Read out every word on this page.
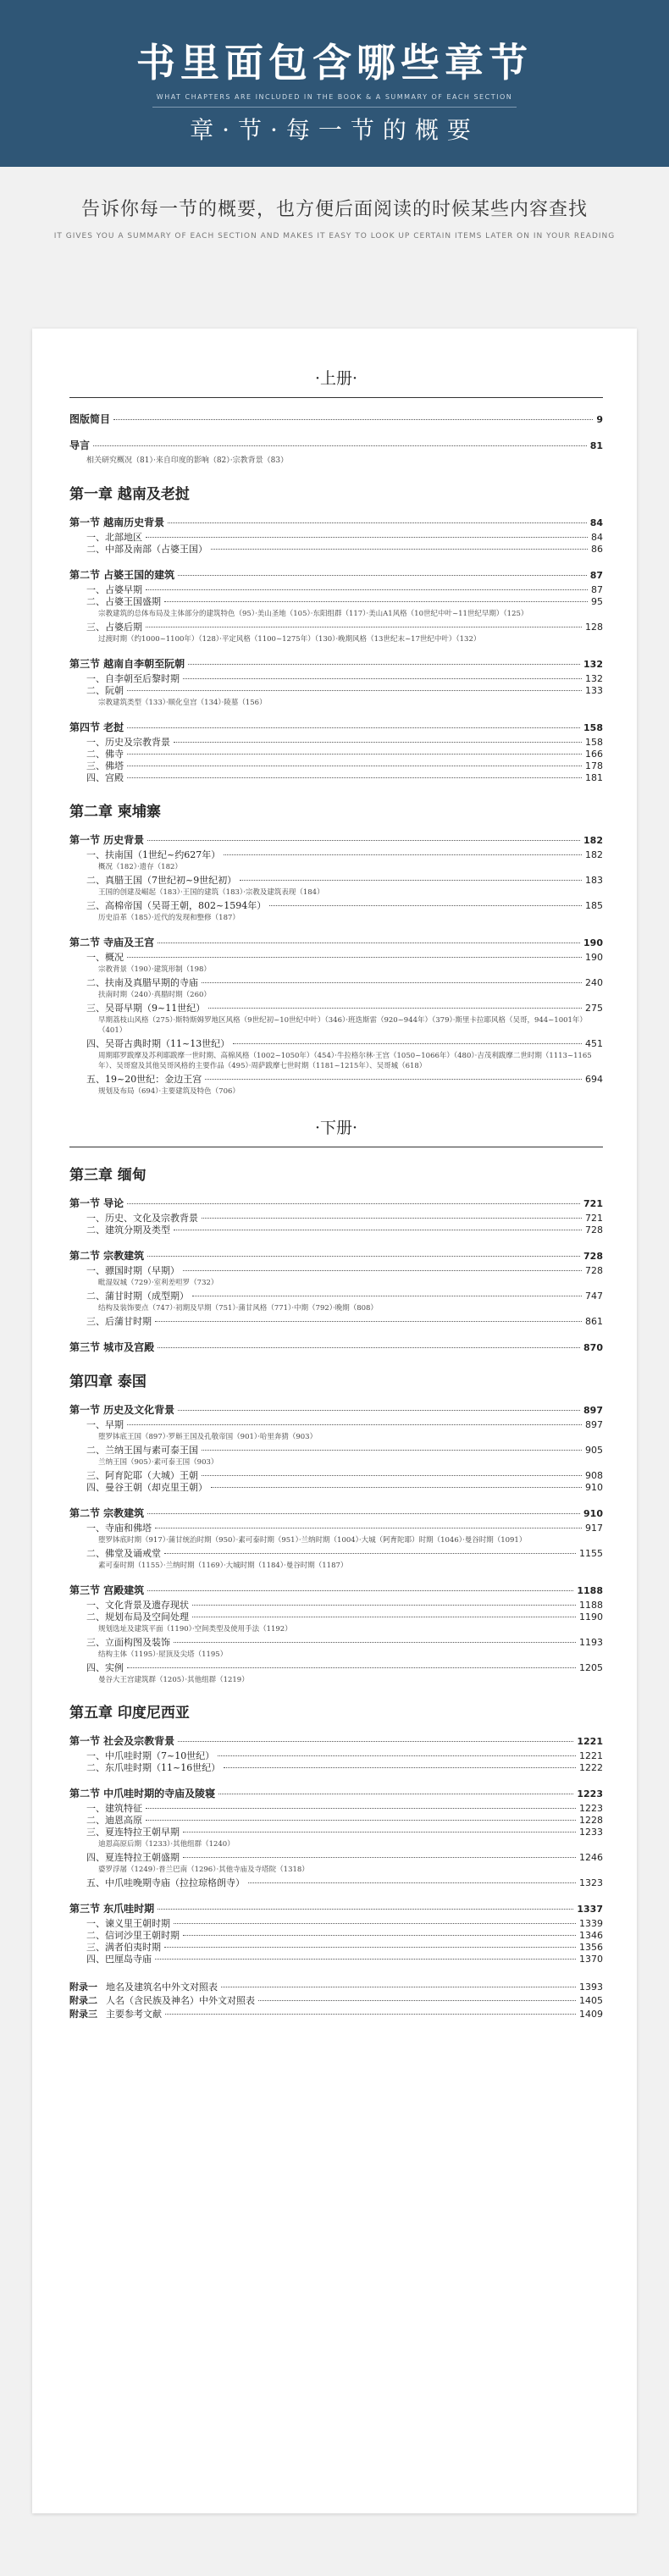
书里面包含哪些章节
WHAT CHAPTERS ARE INCLUDED IN THE BOOK & A SUMMARY OF EACH SECTION
章·节·每一节的概要
告诉你每一节的概要，也方便后面阅读的时候某些内容查找
IT GIVES YOU A SUMMARY OF EACH SECTION AND MAKES IT EASY TO LOOK UP CERTAIN ITEMS LATER ON IN YOUR READING
·上册·
图版简目	9
导言	81
相关研究概况（81）·来自印度的影响（82）·宗教背景（83）
第一章 越南及老挝
第一节 越南历史背景	84
一、北部地区	84
二、中部及南部（占婆王国）	86
第二节 占婆王国的建筑	87
一、占婆早期	87
二、占婆王国盛期	95
宗教建筑的总体布局及主体部分的建筑特色（95）·美山圣地（105）·东阳组群（117）·美山A1风格（10世纪中叶~11世纪早期）（125）
三、占婆后期	128
过渡时期（约1000~1100年）（128）·平定风格（1100~1275年）（130）·晚期风格（13世纪末~17世纪中叶）（132）
第三节 越南自李朝至阮朝	132
一、自李朝至后黎时期	132
二、阮朝	133
宗教建筑类型（133）·顺化皇宫（134）·陵墓（156）
第四节 老挝	158
一、历史及宗教背景	158
二、佛寺	166
三、佛塔	178
四、宫殿	181
第二章 柬埔寨
第一节 历史背景	182
一、扶南国（1世纪~约627年）	182
概况（182）·遗存（182）
二、真腊王国（7世纪初~9世纪初）	183
王国的创建及崛起（183）·王国的建筑（183）·宗教及建筑表现（184）
三、高棉帝国（吴哥王朝，802~1594年）	185
历史沿革（185）·近代的发现和整修（187）
第二节 寺庙及王宫	190
一、概况	190
宗教背景（190）·建筑形制（198）
二、扶南及真腊早期的寺庙	240
扶南时期（240）·真腊时期（260）
三、吴哥早期（9~11世纪）	275
早期荔枝山风格（275）·斯特斯姆罗地区风格（9世纪初~10世纪中叶）（346）·班迭斯雷（920~944年）（379）·斯里卡拉耶风格（吴哥，944~1001年）（401）
四、吴哥古典时期（11~13世纪）	451
周期耶罗跋摩及苏利耶跋摩一世时期、高棉风格（1002~1050年）（454）·牛拉格尔林·王宫（1050~1066年）（480）·吉茂利跋摩二世时期（1113~1165年）、吴哥窟及其他吴哥风格的主要作品（495）·周萨跋摩七世时期（1181~1215年）、吴哥城（618）
五、19~20世纪：金边王宫	694
规划及布局（694）·主要建筑及特色（706）
·下册·
第三章 缅甸
第一节 导论	721
一、历史、文化及宗教背景	721
二、建筑分期及类型	728
第二节 宗教建筑	728
一、骠国时期（早期）	728
毗湿奴城（729）·室利差呾罗（732）
二、蒲甘时期（成型期）	747
结构及装饰要点（747）·初期及早期（751）·蒲甘风格（771）·中期（792）·晚期（808）
三、后蒲甘时期	861
第三节 城市及宫殿	870
第四章 泰国
第一节 历史及文化背景	897
一、早期	897
堕罗钵底王国（897）·罗斛王国及孔敬帝国（901）·哈里奔猜（903）
二、兰纳王国与素可泰王国	905
兰纳王国（905）·素可泰王国（903）
三、阿育陀耶（大城）王朝	908
四、曼谷王朝（却克里王朝）	910
第二节 宗教建筑	910
一、寺庙和佛塔	917
堕罗钵底时期（917）·蒲甘统治时期（950）·素可泰时期（951）·兰纳时期（1004）·大城（阿育陀耶）时期（1046）·曼谷时期（1091）
二、佛堂及诵戒堂	1155
素可泰时期（1155）·兰纳时期（1169）·大城时期（1184）·曼谷时期（1187）
第三节 宫殿建筑	1188
一、文化背景及遗存现状	1188
二、规划布局及空间处理	1190
规划选址及建筑平面（1190）·空间类型及使用手法（1192）
三、立面构图及装饰	1193
结构主体（1195）·屋顶及尖塔（1195）
四、实例	1205
曼谷大王宫建筑群（1205）·其他组群（1219）
第五章 印度尼西亚
第一节 社会及宗教背景	1221
一、中爪哇时期（7~10世纪）	1221
二、东爪哇时期（11~16世纪）	1222
第二节 中爪哇时期的寺庙及陵寝	1223
一、建筑特征	1223
二、迪恩高原	1228
三、夏连特拉王朝早期	1233
迪恩高原后期（1233）·其他组群（1240）
四、夏连特拉王朝盛期	1246
婆罗浮屠（1249）·普兰巴南（1296）·其他寺庙及寺塔院（1318）
五、中爪哇晚期寺庙（拉拉琼格朗寺）	1323
第三节 东爪哇时期	1337
一、谏义里王朝时期	1339
二、信诃沙里王朝时期	1346
三、满者伯夷时期	1356
四、巴厘岛寺庙	1370
附录一 地名及建筑名中外文对照表	1393
附录二 人名（含民族及神名）中外文对照表	1405
附录三 主要参考文献	1409
